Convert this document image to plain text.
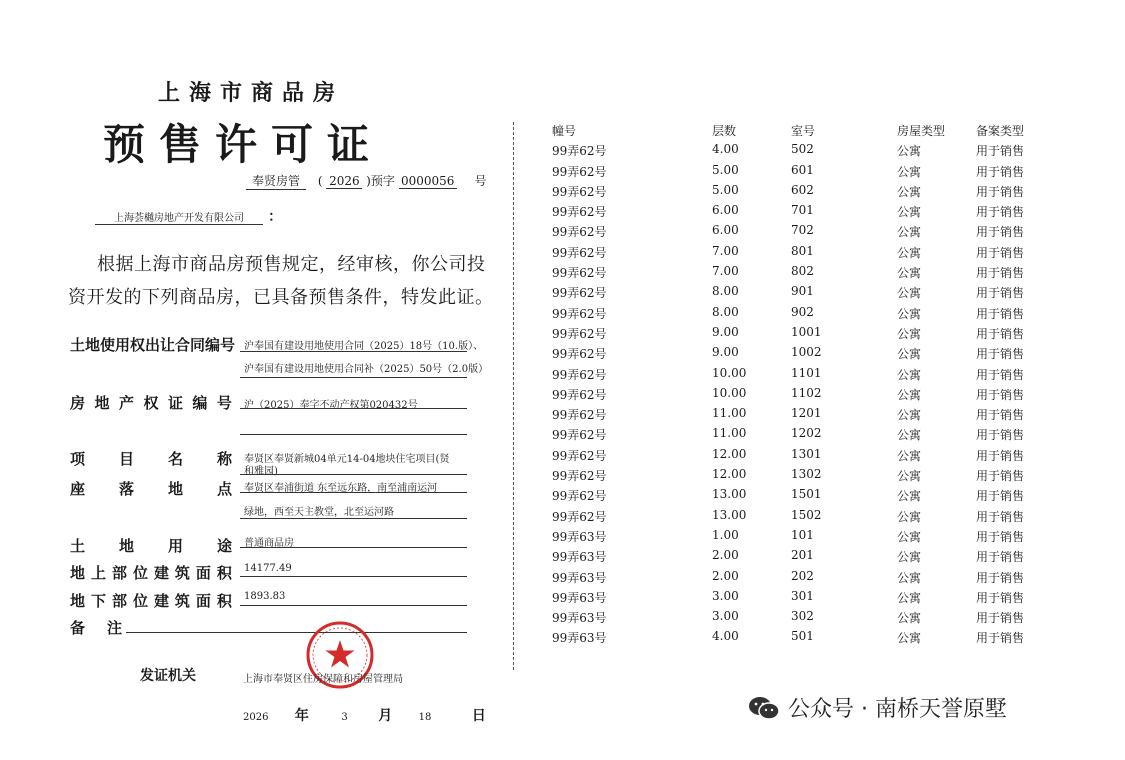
上海市商品房
预售许可证
奉贤房管 ( 2026 )预字 0000056 号
上海荟樾房地产开发有限公司 ：
根据上海市商品房预售规定，经审核，你公司投
资开发的下列商品房，已具备预售条件，特发此证。
土地使用权出让合同编号 沪奉国有建设用地使用合同（2025）18号（10.版）、
沪奉国有建设用地使用合同补（2025）50号（2.0版）
房 地 产 权 证 编 号 沪（2025）奉字不动产权第020432号
项 目 名 称 奉贤区奉贤新城04单元14-04地块住宅项目(贤
和雅园)
座 落 地 点 奉贤区奉浦街道 东至远东路，南至浦南运河
绿地，西至天主教堂，北至运河路
土 地 用 途 普通商品房
地 上 部 位 建 筑 面 积 14177.49
地 下 部 位 建 筑 面 积 1893.83
备 注
发证机关	上海市奉贤区住房保障和房屋管理局
2026 年	3 月	18	日
幢号	层数	室号	房屋类型	备案类型
99弄62号	4.00	502	公寓	用于销售
99弄62号	5.00	601	公寓	用于销售
99弄62号	5.00	602	公寓	用于销售
99弄62号	6.00	701	公寓	用于销售
99弄62号	6.00	702	公寓	用于销售
99弄62号	7.00	801	公寓	用于销售
99弄62号	7.00	802	公寓	用于销售
99弄62号	8.00	901	公寓	用于销售
99弄62号	8.00	902	公寓	用于销售
99弄62号	9.00	1001	公寓	用于销售
99弄62号	9.00	1002	公寓	用于销售
99弄62号	10.00	1101	公寓	用于销售
99弄62号	10.00	1102	公寓	用于销售
99弄62号	11.00	1201	公寓	用于销售
99弄62号	11.00	1202	公寓	用于销售
99弄62号	12.00	1301	公寓	用于销售
99弄62号	12.00	1302	公寓	用于销售
99弄62号	13.00	1501	公寓	用于销售
99弄62号	13.00	1502	公寓	用于销售
99弄63号	1.00	101	公寓	用于销售
99弄63号	2.00	201	公寓	用于销售
99弄63号	2.00	202	公寓	用于销售
99弄63号	3.00	301	公寓	用于销售
99弄63号	3.00	302	公寓	用于销售
99弄63号	4.00	501	公寓	用于销售
公众号 · 南桥天誉原墅
